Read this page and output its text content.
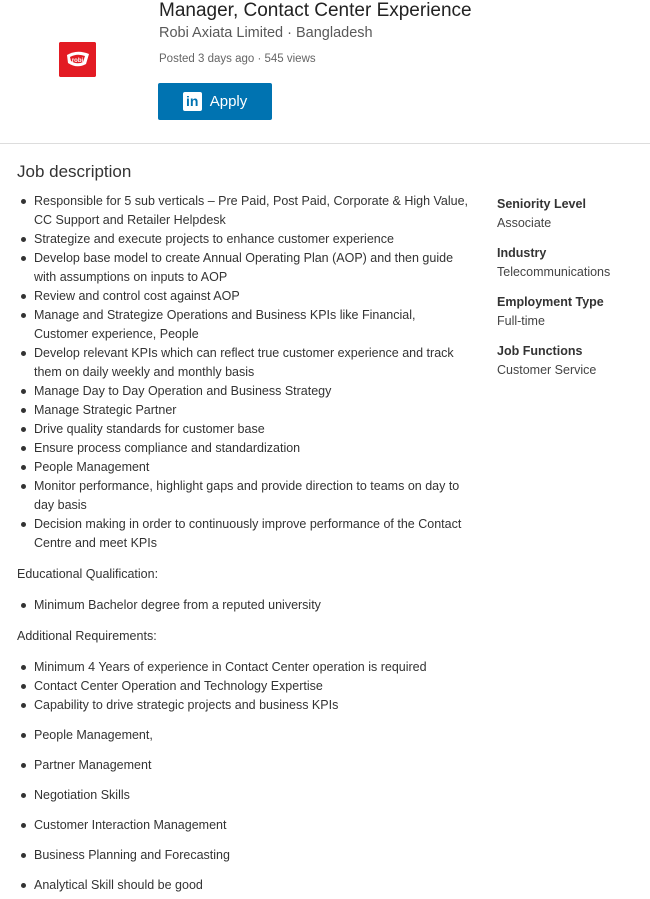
robi
Manager, Contact Center Experience
Robi Axiata Limited · Bangladesh
Posted 3 days ago · 545 views
in Apply
Job description
Responsible for 5 sub verticals – Pre Paid, Post Paid, Corporate & High Value, CC Support and Retailer Helpdesk
Strategize and execute projects to enhance customer experience
Develop base model to create Annual Operating Plan (AOP) and then guide with assumptions on inputs to AOP
Review and control cost against AOP
Manage and Strategize Operations and Business KPIs like Financial, Customer experience, People
Develop relevant KPIs which can reflect true customer experience and track them on daily weekly and monthly basis
Manage Day to Day Operation and Business Strategy
Manage Strategic Partner
Drive quality standards for customer base
Ensure process compliance and standardization
People Management
Monitor performance, highlight gaps and provide direction to teams on day to day basis
Decision making in order to continuously improve performance of the Contact Centre and meet KPIs

Educational Qualification:

Minimum Bachelor degree from a reputed university

Additional Requirements:

Minimum 4 Years of experience in Contact Center operation is required
Contact Center Operation and Technology Expertise
Capability to drive strategic projects and business KPIs
People Management,
Partner Management
Negotiation Skills
Customer Interaction Management
Business Planning and Forecasting
Analytical Skill should be good
Seniority Level
Associate
Industry
Telecommunications
Employment Type
Full-time
Job Functions
Customer Service
